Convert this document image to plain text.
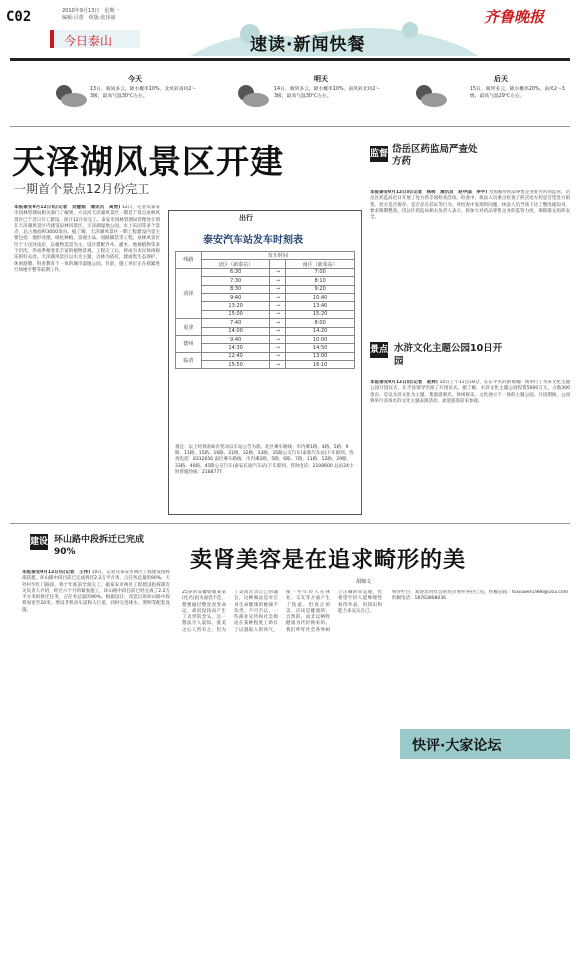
C02	2010年9月13日　星期一
编辑:吕蕾　组版:张伟丽
今日泰山	速读·新闻快餐
齐鲁晚报
今天
13日，晴间多云，降水概率10%，北风转南风2～3级，最高气温30℃左右。
明天
14日，晴到多云，降水概率10%，南风转北风2～3级，最高气温30℃左右。
后天
15日，晴到多云，降水概率20%，南风2～3级，最高气温29℃左右。
天泽湖风景区开建
一期首个景点12月份完工
本报泰安9月12日讯(记者　刘慧娟　通讯员　高勇) 12日，记者从泰安市园林管理局相关部门了解到，大汶河天泽湖风景区一期首个景点泉林风景区已于近日开工建设，预计12月份完工。泰安市园林管理局管理处计划在天泽湖风景区内建设泉林风景区、天泽湖湿地公园、水上乐园等多个景点，总占地面积3000余亩。据了解，天泽湖风景区一期工程建设内容主要包括：地形处理、绿化种植、景观小品、园路铺装等工程。泉林风景区位于大汶河南岸，以植物造景为主，设计搭配乔木、灌木、地被植物等多个层次，形成季相变化丰富的植物景观。工程完工后，将成为市民休闲娱乐的好去处。天泽湖风景区以水为主题，以林为依托，建成集生态保护、休闲游憩、科普教育于一体的城市湿地公园。目前，施工单位正在抓紧进行场地平整等前期工作。
出行
泰安汽车站发车时刻表
线路	发车时间		
	北区（新泰站）		南区（新泰站）
菏泽	6:30	→	7:00
	7:30	→	8:10
	8:30	→	9:20
	9:40	→	10:40
	13:20	→	13:40
	15:00	→	15:20
夏津	7:40	→	8:00
	14:00	→	14:20
德州	9:40	→	10:00
	14:30	→	14:50
临清	12:40	→	13:00
	15:50	→	16:10
备注：以上时刻表如有变动以车站公告为准。北区乘车路线：市内乘1路、4路、5路、9路、11路、15路、16路、31路、32路、33路、35路公交汽车(泰新汽车站)下车即到。咨询电话：8332656 南区乘车路线：市内乘2路、5路、6路、7路、11路、12路、29路、33路、40路、45路公交汽车(泰安长途汽车站)下车即到。咨询电话：2108600 总站24小时客服热线：2188777
监督 岱岳区药监局严查处方药
本报泰安9月12日讯(记者　杨萌　通讯员　赵中国　李宇) 为加强对药品零售企业处方药的监管，岱岳区药监局近日开展了处方药专项检查活动。检查中，执法人员重点检查了药店处方药是否凭处方销售、处方是否保存、是否存在挂证等行为。对检查中发现的问题，执法人员当场下达了整改通知书，要求限期整改。岱岳区药监局相关负责人表示，将加大对药品零售企业的监管力度，保障群众用药安全。
景点 水浒文化主题公园10日开园
本报泰安9月12日讯(记者　赵林) 10日上午11点18分，在东平水浒影视城广场举行了水浒文化主题公园开园仪式，东平县领导出席了开园仪式。据了解，水浒文化主题公园投资5000万元，占地300余亩，是以水浒文化为主题，集旅游观光、休闲娱乐、文化展示于一体的主题公园。开园期间，公园将举行多场水浒文化主题表演活动，欢迎游客前来参观。
建设 环山路中段拆迁已完成90%
本报泰安9月12日讯(记者　王伟) 10日，记者从泰安市两区工程建设指挥部获悉，环山路中段目前已完成拆迁2.2万平方米，占任务总量的90%，天外村至红门路段，将于年底前全面完工。据泰安市两区工程建设指挥部有关负责人介绍，经过六个月的紧张施工，环山路中段目前已经完成了2.2万平方米的拆迁任务，占任务总量的90%。根据设计，改造后的环山路中段将加宽至20米，增设非机动车道和人行道，同时完善排水、照明等配套设施。
卖肾美容是在追求畸形的美
胡锦文
25岁的安徽姑娘某某(化名)因为面容不佳，想要通过整容改变命运，却因没钱而产生了卖肾的念头，这一想法令人震惊。爱美之心人皆有之，但为了美而出卖自己的器官，这种做法是对自身生命健康的极端不负责。不可否认，一些商业宣传和社会舆论在某种程度上助长了以貌取人的风气，使一些年轻人在择业、交友等方面产生了焦虑。但真正的美，应该是健康的、自然的，而非以牺牲健康为代价换来的。我们呼吁社会各界树立正确的审美观，也希望年轻人能够理性看待外表，用知识和能力来充实自己。
快评栏目：欢迎您对社会的热点事件各抒己见，约稿信箱：fuxiuwen1986@163.com 约稿电话：18763808036
快评·大家论坛
